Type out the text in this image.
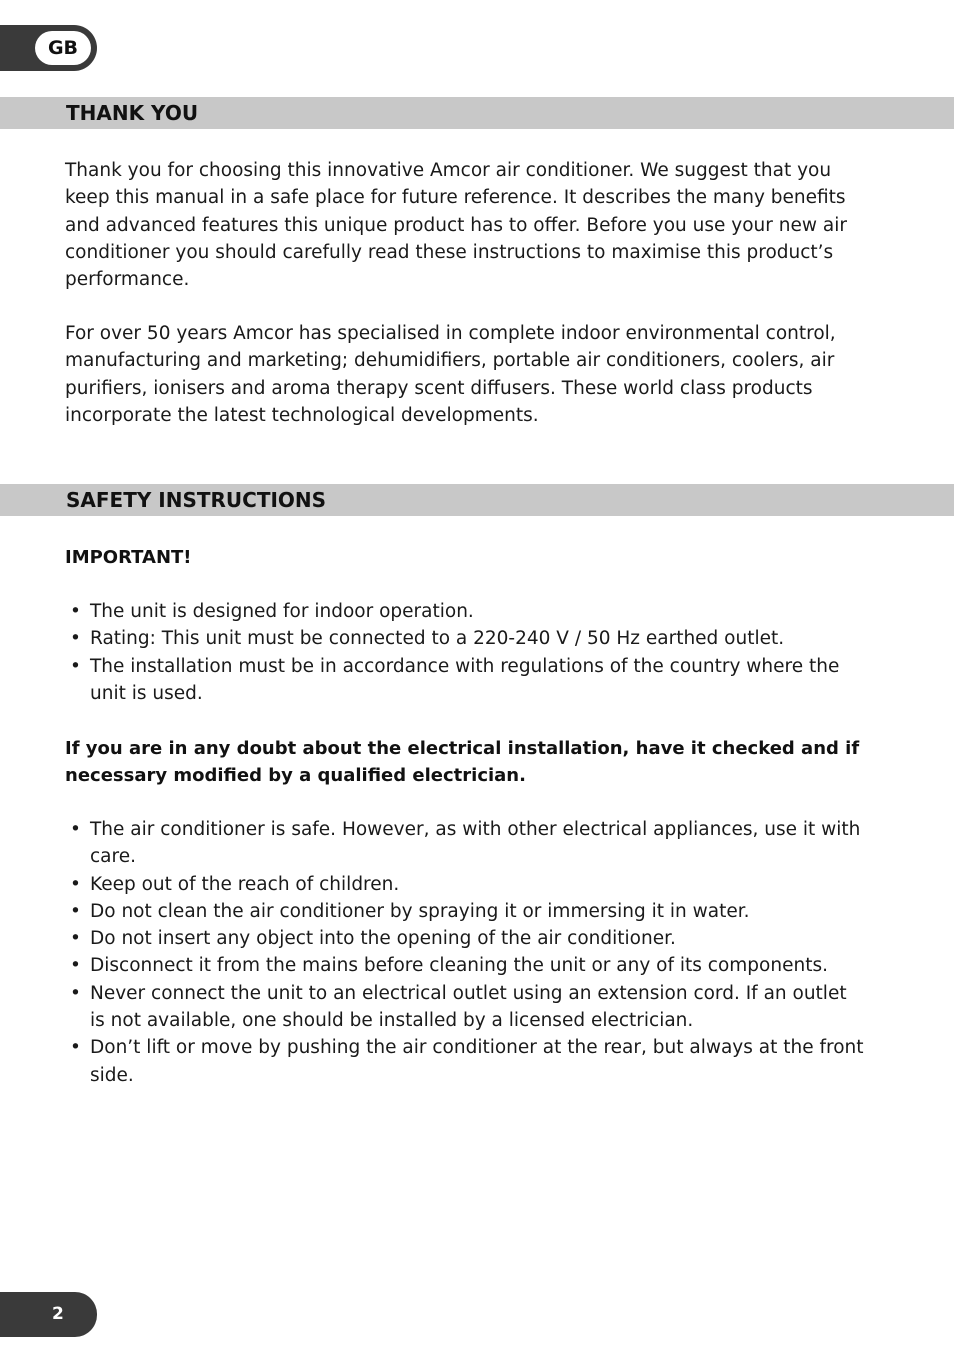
GB
THANK YOU

Thank you for choosing this innovative Amcor air conditioner. We suggest that you keep this manual in a safe place for future reference. It describes the many benefits and advanced features this unique product has to offer. Before you use your new air conditioner you should carefully read these instructions to maximise this product’s performance.

For over 50 years Amcor has specialised in complete indoor environmental control, manufacturing and marketing; dehumidifiers, portable air conditioners, coolers, air purifiers, ionisers and aroma therapy scent diffusers. These world class products incorporate the latest technological developments.

SAFETY INSTRUCTIONS

IMPORTANT!

• The unit is designed for indoor operation.
• Rating: This unit must be connected to a 220-240 V / 50 Hz earthed outlet.
• The installation must be in accordance with regulations of the country where the unit is used.

If you are in any doubt about the electrical installation, have it checked and if necessary modified by a qualified electrician.

• The air conditioner is safe. However, as with other electrical appliances, use it with care.
• Keep out of the reach of children.
• Do not clean the air conditioner by spraying it or immersing it in water.
• Do not insert any object into the opening of the air conditioner.
• Disconnect it from the mains before cleaning the unit or any of its components.
• Never connect the unit to an electrical outlet using an extension cord. If an outlet is not available, one should be installed by a licensed electrician.
• Don’t lift or move by pushing the air conditioner at the rear, but always at the front side.
2
